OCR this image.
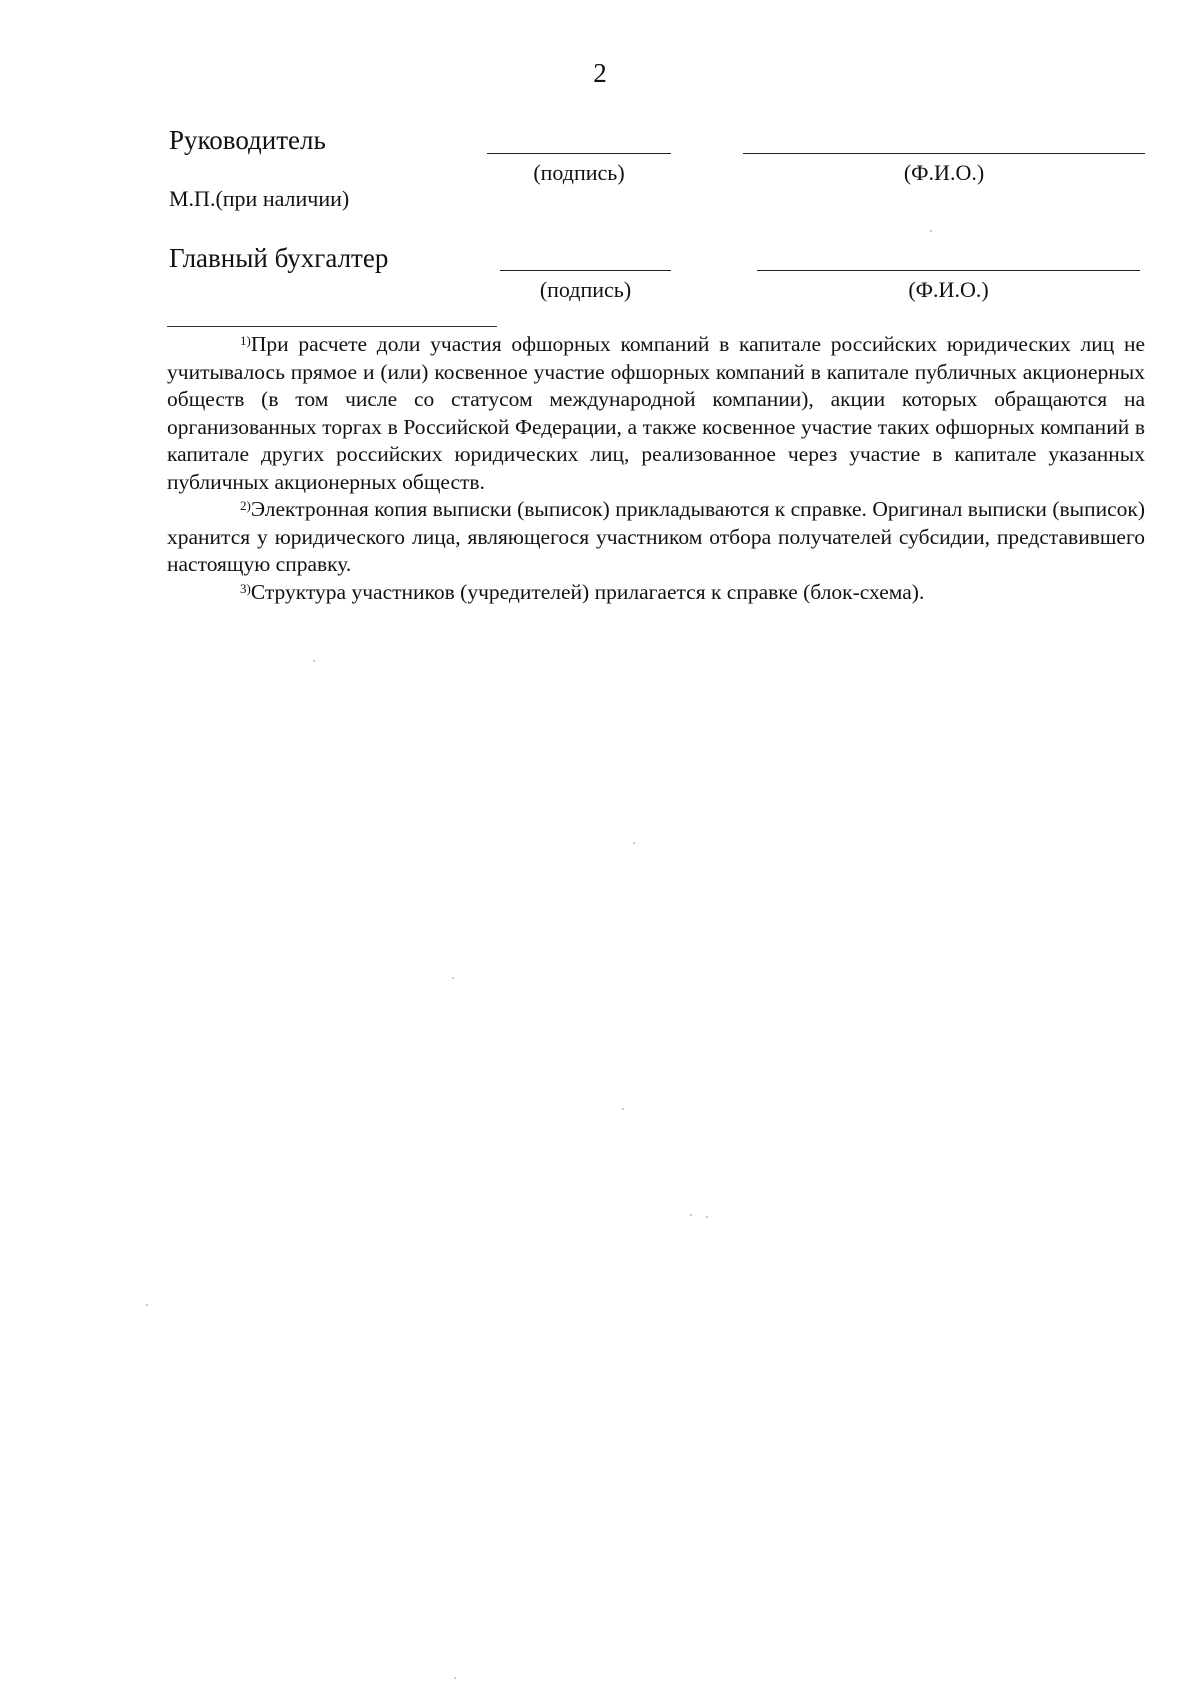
2
Руководитель
(подпись)	(Ф.И.О.)
М.П.(при наличии)
Главный бухгалтер
(подпись)	(Ф.И.О.)

$^{1)}$При расчете доли участия офшорных компаний в капитале российских юридических лиц не учитывалось прямое и (или) косвенное участие офшорных компаний в капитале публичных акционерных обществ (в том числе со статусом международной компании), акции которых обращаются на организованных торгах в Российской Федерации, а также косвенное участие таких офшорных компаний в капитале других российских юридических лиц, реализованное через участие в капитале указанных публичных акционерных обществ.

$^{2)}$Электронная копия выписки (выписок) прикладываются к справке. Оригинал выписки (выписок) хранится у юридического лица, являющегося участником отбора получателей субсидии, представившего настоящую справку.

$^{3)}$Структура участников (учредителей) прилагается к справке (блок-схема).
